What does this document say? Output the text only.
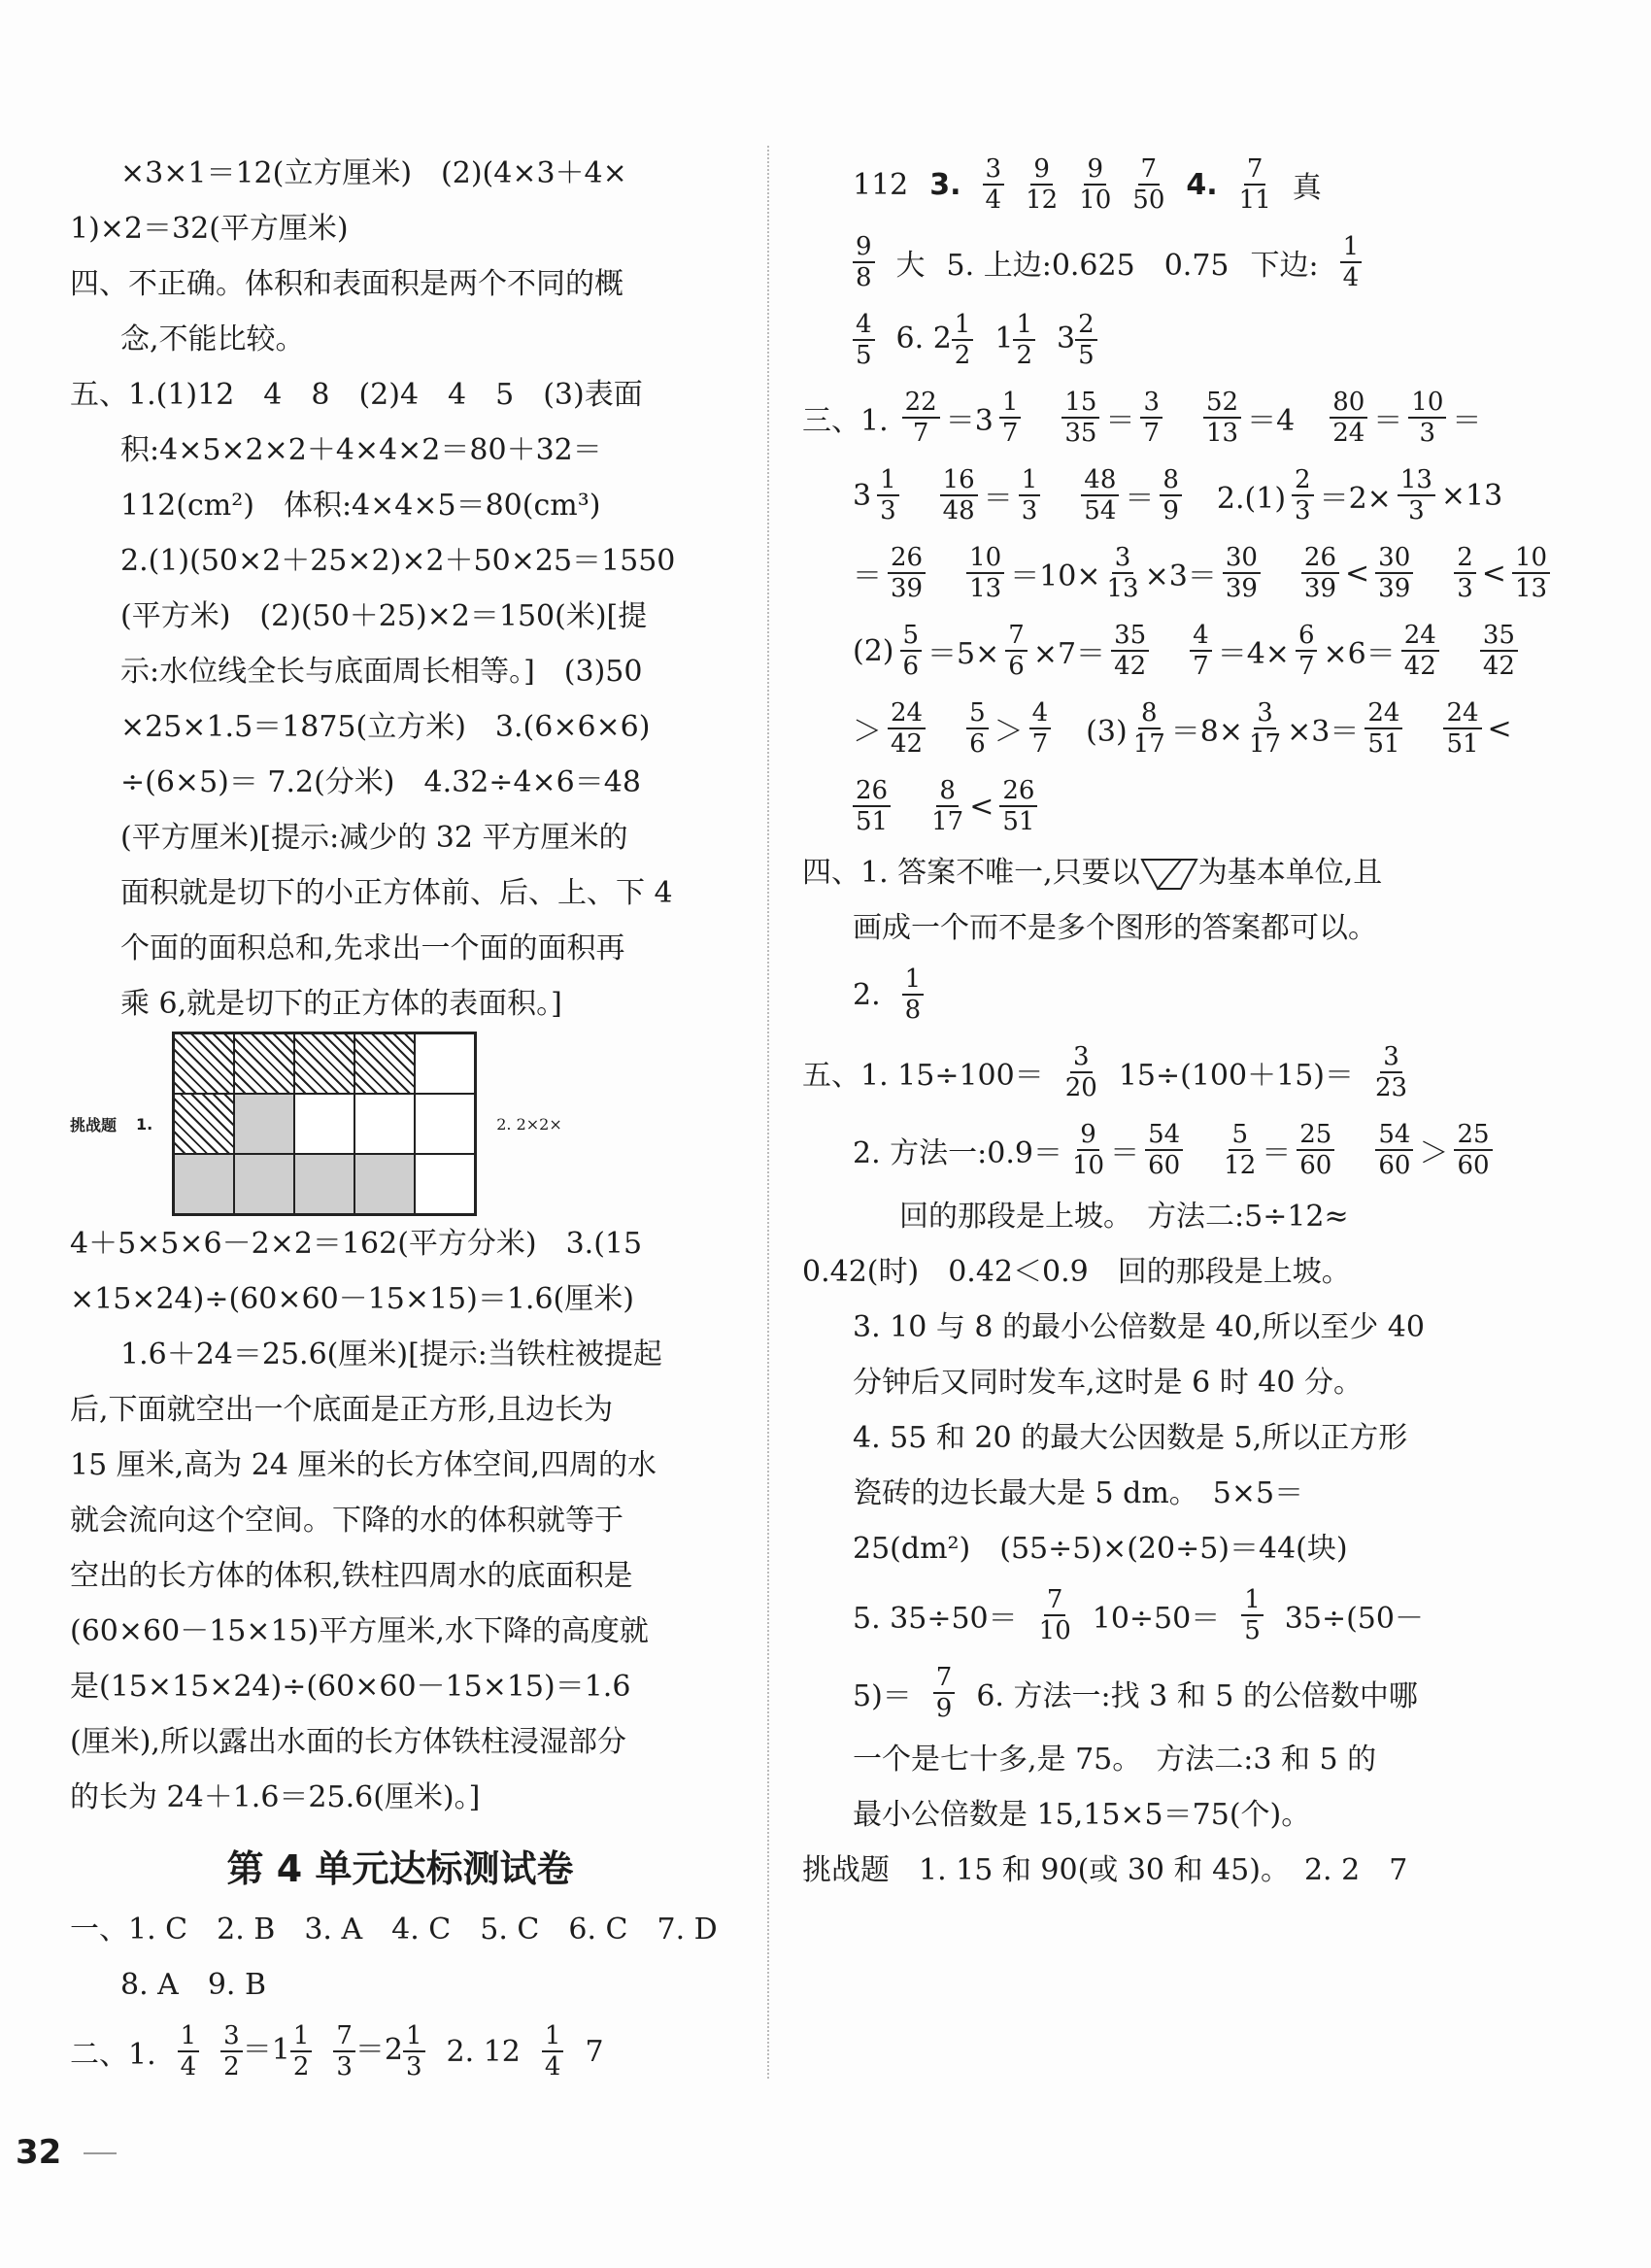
×3×1＝12(立方厘米)　(2)(4×3＋4×
1)×2＝32(平方厘米)
四、不正确。体积和表面积是两个不同的概
念,不能比较。
五、1.(1)12　4　8　(2)4　4　5　(3)表面
积:4×5×2×2＋4×4×2＝80＋32＝
112(cm²)　体积:4×4×5＝80(cm³)
2.(1)(50×2＋25×2)×2＋50×25＝1550
(平方米)　(2)(50＋25)×2＝150(米)[提
示:水位线全长与底面周长相等。]　(3)50
×25×1.5＝1875(立方米)　3.(6×6×6)
÷(6×5)＝ 7.2(分米)　4.32÷4×6＝48
(平方厘米)[提示:减少的 32 平方厘米的
面积就是切下的小正方体前、后、上、下 4
个面的面积总和,先求出一个面的面积再
乘 6,就是切下的正方体的表面积。]
挑战题 1.	2. 2×2×
4＋5×5×6－2×2＝162(平方分米)　3.(15
×15×24)÷(60×60－15×15)＝1.6(厘米)
1.6＋24＝25.6(厘米)[提示:当铁柱被提起
后,下面就空出一个底面是正方形,且边长为
15 厘米,高为 24 厘米的长方体空间,四周的水
就会流向这个空间。下降的水的体积就等于
空出的长方体的体积,铁柱四周水的底面积是
(60×60－15×15)平方厘米,水下降的高度就
是(15×15×24)÷(60×60－15×15)＝1.6
(厘米),所以露出水面的长方体铁柱浸湿部分
的长为 24＋1.6＝25.6(厘米)。]
第 4 单元达标测试卷
一、1. C　2. B　3. A　4. C　5. C　6. C　7. D
8. A　9. B
二、1. $\frac{1}{4} \frac{3}{2} =1 \frac{1}{2} \frac{7}{3} =2 \frac{1}{3} 2$. $12 \frac{1}{4} 7$
112 3. $\frac{3}{4} \frac{9}{12} \frac{9}{10} \frac{7}{50} 4$. $\frac{7}{11}$ 真
$\frac{9}{8}$ 大 5. 上边:0.625　0.75 下边: $\frac{1}{4}$
$\frac{4}{5} 6$. $2 \frac{1}{2} 1 \frac{1}{2} 3 \frac{2}{5}$
三、1. $\frac{22}{7} =3 \frac{1}{7}$
　 $\frac{15}{35} = \frac{3}{7}$
　 $\frac{52}{13} =4$　 $\frac{80}{24} = \frac{10}{3}$ ＝
$3 \frac{1}{3}$
　 $\frac{16}{48} = \frac{1}{3}$
　 $\frac{48}{54} = \frac{8}{9}$ 　$2.(1) \frac{2}{3} =2\times \frac{13}{3} \times 13$
＝ $\frac{26}{39}$
　 $\frac{10}{13} =10\times \frac{3}{13} \times 3= \frac{30}{39}$
　 $\frac{26}{39} < \frac{30}{39}$
　 $\frac{2}{3} < \frac{10}{13}$
$(2) \frac{5}{6} =5\times \frac{7}{6} \times 7= \frac{35}{42}$
　 $\frac{4}{7} =4\times \frac{6}{7} \times 6= \frac{24}{42}$
　 $\frac{35}{42}$
＞ $\frac{24}{42}$
　 $\frac{5}{6} > \frac{4}{7}$ 　$(3) \frac{8}{17} =8\times \frac{3}{17} \times 3= \frac{24}{51}$
　 $\frac{24}{51}$ <
$\frac{26}{51}$
　 $\frac{8}{17} < \frac{26}{51}$
四、1. 答案不唯一,只要以 为基本单位,且
画成一个而不是多个图形的答案都可以。
2. $\frac{1}{8}$
五、1. $15\div 100= \frac{3}{20} 15\div(100+15)= \frac{3}{23}$
2. 方法一:0.9＝ $\frac{9}{10} = \frac{54}{60}$
　 $\frac{5}{12} = \frac{25}{60}$
　 $\frac{54}{60} > \frac{25}{60}$
回的那段是上坡。　方法二:5÷12≈
0.42(时)　0.42＜0.9　回的那段是上坡。
3. 10 与 8 的最小公倍数是 40,所以至少 40
分钟后又同时发车,这时是 6 时 40 分。
4. 55 和 20 的最大公因数是 5,所以正方形
瓷砖的边长最大是 5 dm。　5×5＝
25(dm²)　(55÷5)×(20÷5)＝44(块)
5. $35\div 50= \frac{7}{10} 10\div 50= \frac{1}{5} 35\div(50-$
$5)= \frac{7}{9} 6$. 方法一:找 3 和 5 的公倍数中哪
一个是七十多,是 75。　方法二:3 和 5 的
最小公倍数是 15,15×5＝75(个)。
挑战题　1. 15 和 90(或 30 和 45)。　2. 2　7
32
